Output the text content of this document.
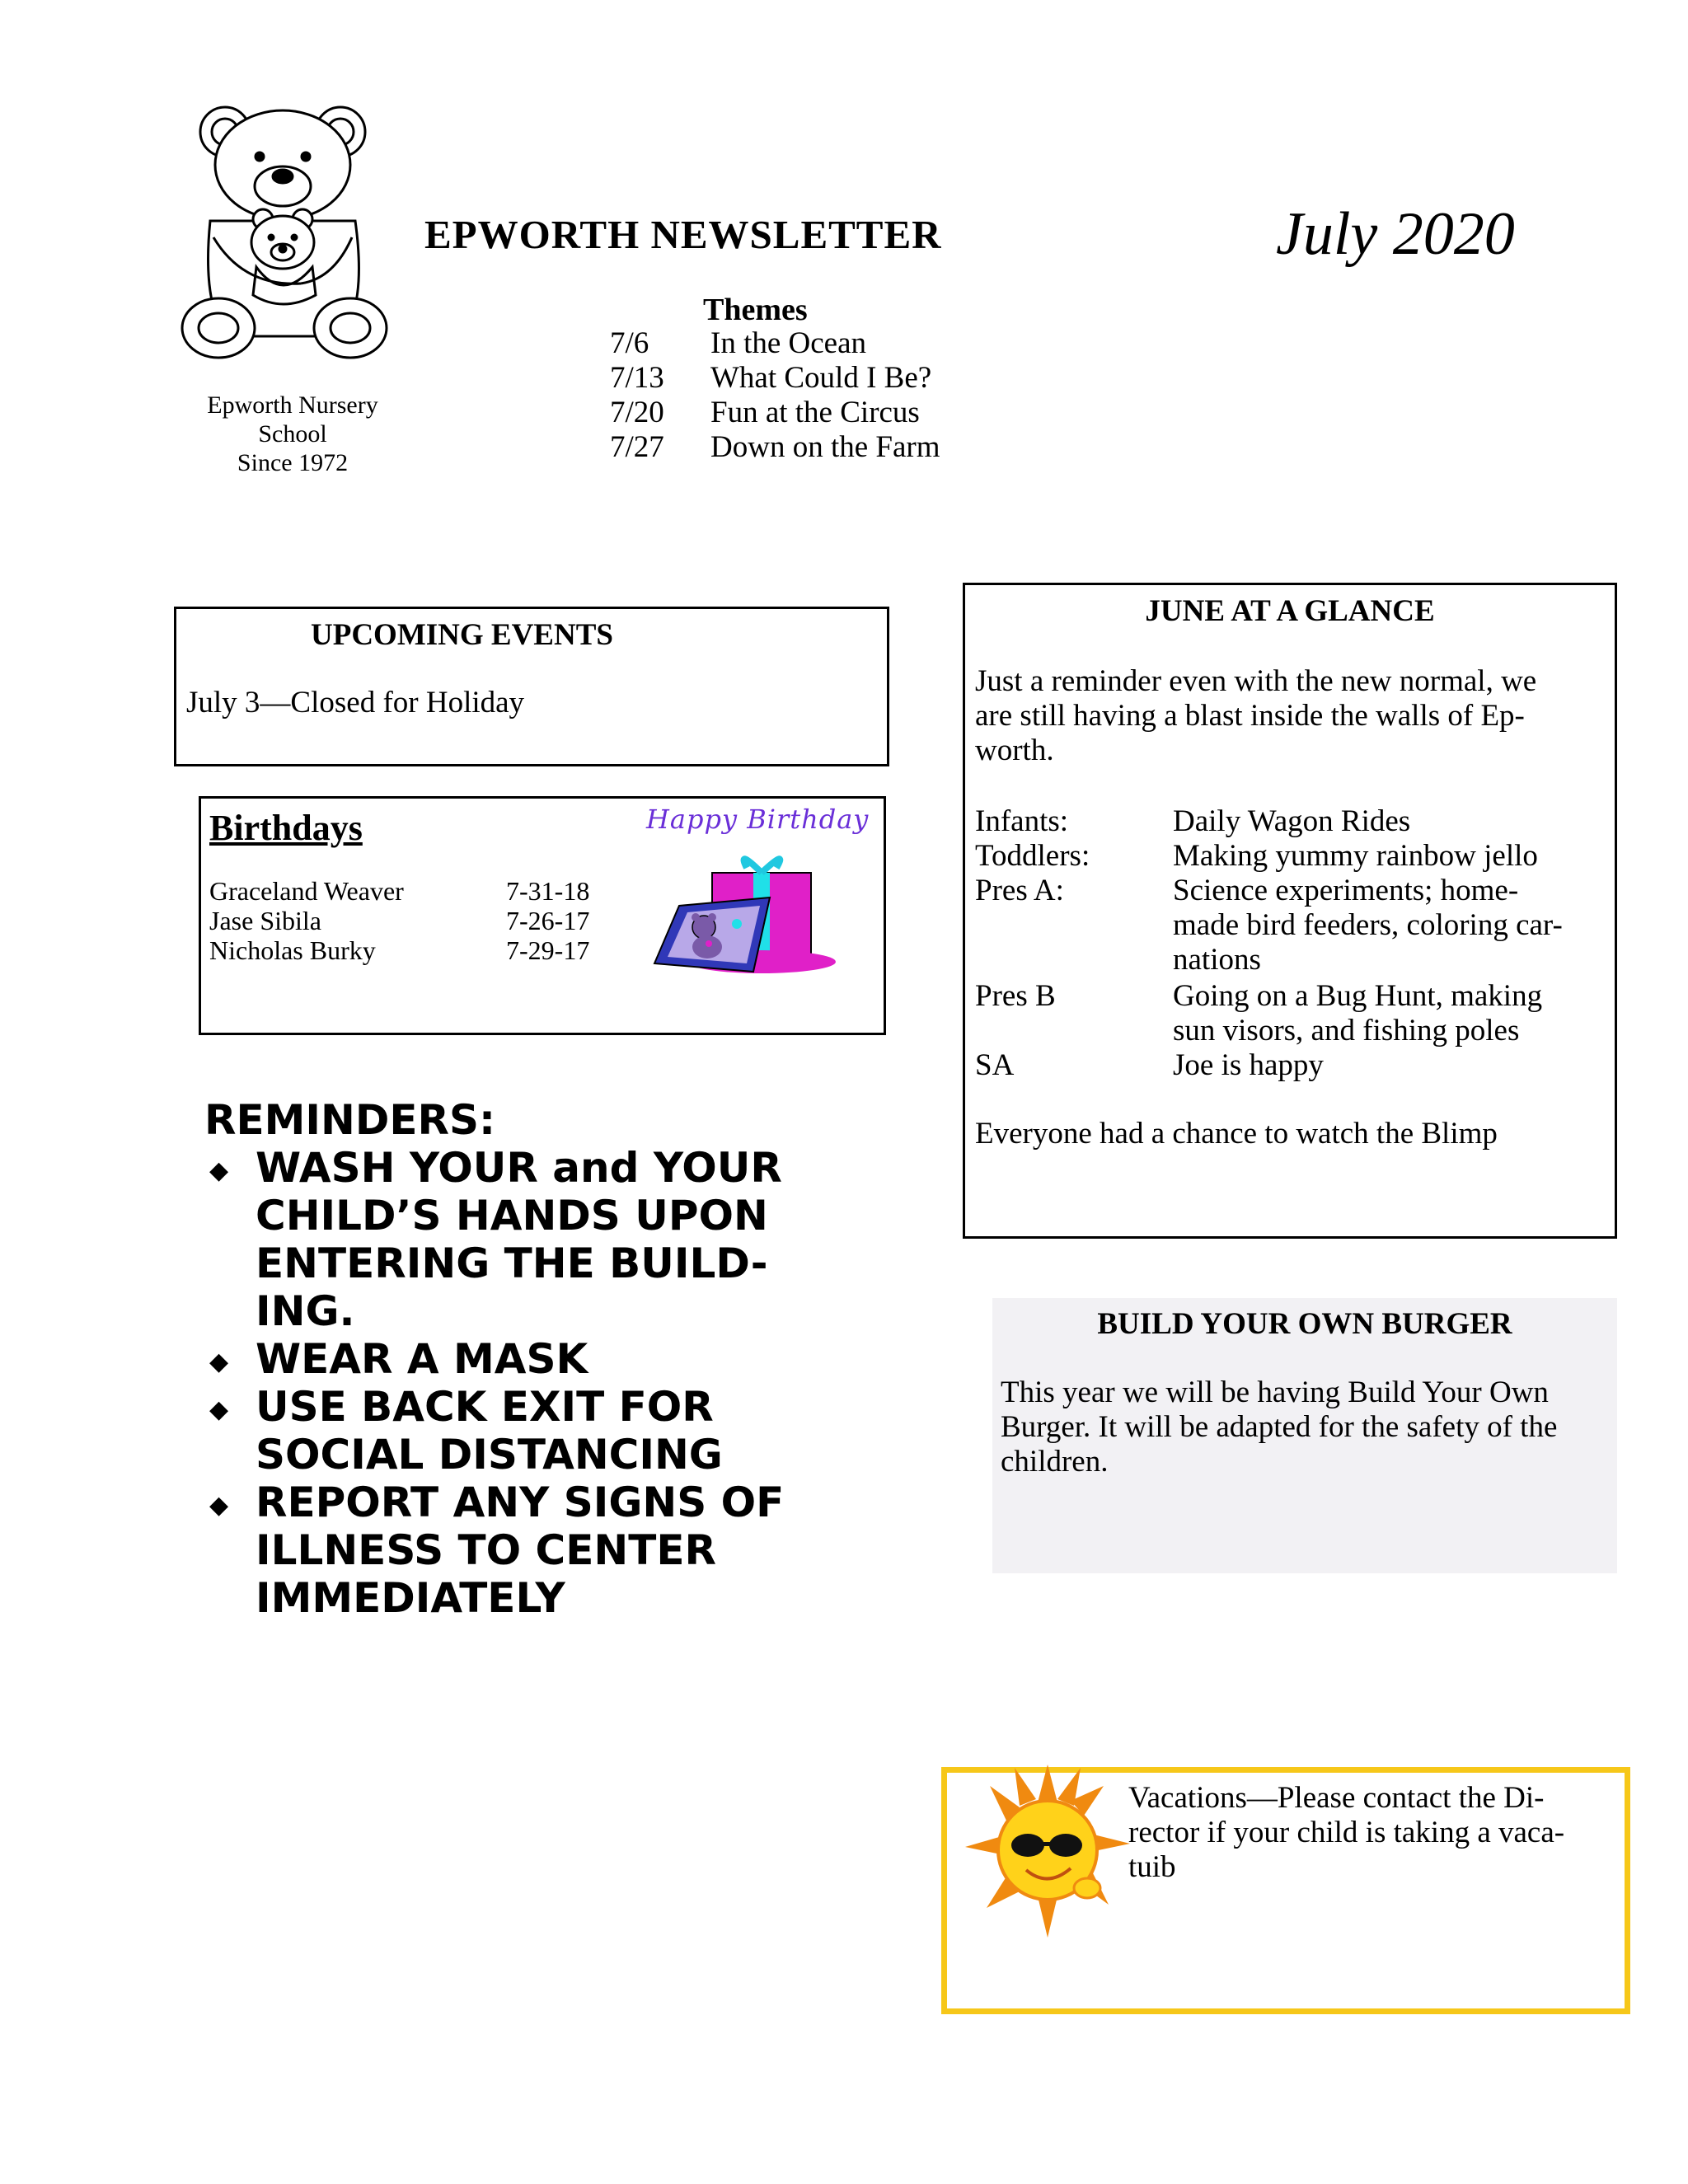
Epworth Nursery
School
Since 1972
EPWORTH NEWSLETTER	July 2020
Themes
7/6 In the Ocean
7/13 What Could I Be?
7/20 Fun at the Circus
7/27 Down on the Farm
UPCOMING EVENTS
July 3—Closed for Holiday
Birthdays	Happy Birthday
Graceland Weaver	7-31-18
Jase Sibila	7-26-17
Nicholas Burky	7-29-17
REMINDERS:
◆ WASH YOUR and YOUR
CHILD’S HANDS UPON
ENTERING THE BUILD-
ING.
◆ WEAR A MASK
◆ USE BACK EXIT FOR
SOCIAL DISTANCING
◆ REPORT ANY SIGNS OF
ILLNESS TO CENTER
IMMEDIATELY
JUNE AT A GLANCE
Just a reminder even with the new normal, we
are still having a blast inside the walls of Ep-
worth.
Infants:	Daily Wagon Rides
Toddlers:	Making yummy rainbow jello
Pres A:	Science experiments; home-
made bird feeders, coloring car-
nations
Pres B	Going on a Bug Hunt, making
sun visors, and fishing poles
SA	Joe is happy
Everyone had a chance to watch the Blimp
BUILD YOUR OWN BURGER
This year we will be having Build Your Own
Burger. It will be adapted for the safety of the
children.
Vacations—Please contact the Di-
rector if your child is taking a vaca-
tuib
